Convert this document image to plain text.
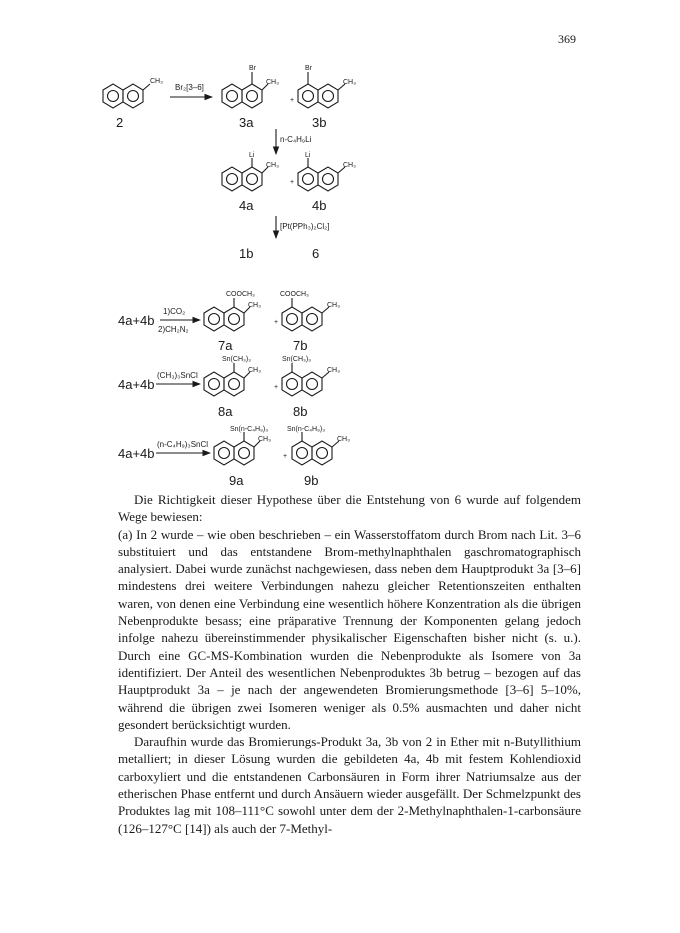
369
CH₃
2
Br₂[3–6]
Br
CH₃
+
3a
Br
CH₃
3b
n-C₄H₉Li
Li
CH₃
+
4a
Li
CH₃
4b
[Pt(PPh₃)₂Cl₂]
1b	6
4a+4b
1)CO₂
2)CH₂N₂
COOCH₃
CH₃
+
7a
COOCH₃
CH₃
7b
4a+4b
(CH₃)₃SnCl
Sn(CH₃)₃
CH₃
+
8a
Sn(CH₃)₃
CH₃
8b
4a+4b
(n-C₄H₉)₃SnCl
Sn(n-C₄H₉)₃
CH₃
+
9a
Sn(n-C₄H₉)₃
CH₃
9b

Die Richtigkeit dieser Hypothese über die Entstehung von 6 wurde auf folgendem Wege bewiesen:

(a) In 2 wurde – wie oben beschrieben – ein Wasserstoffatom durch Brom nach Lit. 3–6 substituiert und das entstandene Brom-methylnaphthalen gaschromatographisch analysiert. Dabei wurde zunächst nachgewiesen, dass neben dem Hauptprodukt 3a [3–6] mindestens drei weitere Verbindungen nahezu gleicher Retentionszeiten enthalten waren, von denen eine Verbindung eine wesentlich höhere Konzentration als die übrigen Nebenprodukte besass; eine präparative Trennung der Komponenten gelang jedoch infolge nahezu übereinstimmender physikalischer Eigenschaften bisher nicht (s. u.). Durch eine GC-MS-Kombination wurden die Nebenprodukte als Isomere von 3a identifiziert. Der Anteil des wesentlichen Nebenproduktes 3b betrug – bezogen auf das Hauptprodukt 3a – je nach der angewendeten Bromierungsmethode [3–6] 5–10%, während die übrigen zwei Isomeren weniger als 0.5% ausmachten und daher nicht gesondert berücksichtigt wurden.

Daraufhin wurde das Bromierungs-Produkt 3a, 3b von 2 in Ether mit n-Butyllithium metalliert; in dieser Lösung wurden die gebildeten 4a, 4b mit festem Kohlendioxid carboxyliert und die entstandenen Carbonsäuren in Form ihrer Natriumsalze aus der etherischen Phase entfernt und durch Ansäuern wieder ausgefällt. Der Schmelzpunkt des Produktes lag mit 108–111°C sowohl unter dem der 2-Methylnaphthalen-1-carbonsäure (126–127°C [14]) als auch der 7-Methyl-
